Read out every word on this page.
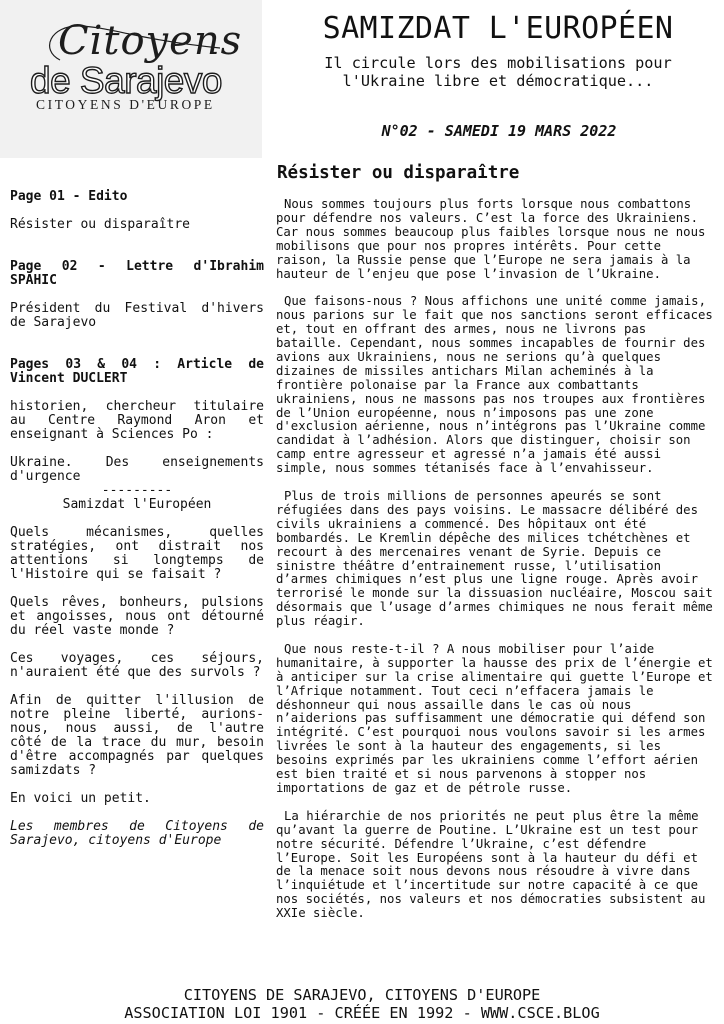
Citoyens
de Sarajevo
CITOYENS D'EUROPE
SAMIZDAT L'EUROPÉEN
Il circule lors des mobilisations pour
l'Ukraine libre et démocratique...
N°02 - SAMEDI 19 MARS 2022

Page 01 - Edito

Résister ou disparaître

Page 02 - Lettre d'Ibrahim SPAHIC

Président du Festival d'hivers de Sarajevo

Pages 03 & 04 : Article de Vincent DUCLERT

historien, chercheur titulaire au Centre Raymond Aron et enseignant à Sciences Po :

Ukraine. Des enseignements d'urgence

---------

Samizdat l'Européen

Quels mécanismes, quelles stratégies, ont distrait nos attentions si longtemps de l'Histoire qui se faisait ?

Quels rêves, bonheurs, pulsions et angoisses, nous ont détourné du réel vaste monde ?

Ces voyages, ces séjours, n'auraient été que des survols ?

Afin de quitter l'illusion de notre pleine liberté, aurions-nous, nous aussi, de l'autre côté de la trace du mur, besoin d'être accompagnés par quelques samizdats ?

En voici un petit.

Les membres de Citoyens de Sarajevo, citoyens d'Europe

Résister ou disparaître

Nous sommes toujours plus forts lorsque nous combattons pour défendre nos valeurs. C’est la force des Ukrainiens. Car nous sommes beaucoup plus faibles lorsque nous ne nous mobilisons que pour nos propres intérêts. Pour cette raison, la Russie pense que l’Europe ne sera jamais à la hauteur de l’enjeu que pose l’invasion de l’Ukraine.

Que faisons-nous ? Nous affichons une unité comme jamais, nous parions sur le fait que nos sanctions seront efficaces et, tout en offrant des armes, nous ne livrons pas bataille. Cependant, nous sommes incapables de fournir des avions aux Ukrainiens, nous ne serions qu’à quelques dizaines de missiles antichars Milan acheminés à la frontière polonaise par la France aux combattants ukrainiens, nous ne massons pas nos troupes aux frontières de l’Union européenne, nous n’imposons pas une zone d'exclusion aérienne, nous n’intégrons pas l’Ukraine comme candidat à l’adhésion. Alors que distinguer, choisir son camp entre agresseur et agressé n’a jamais été aussi simple, nous sommes tétanisés face à l’envahisseur.

Plus de trois millions de personnes apeurés se sont réfugiées dans des pays voisins. Le massacre délibéré des civils ukrainiens a commencé. Des hôpitaux ont été bombardés. Le Kremlin dépêche des milices tchétchènes et recourt à des mercenaires venant de Syrie. Depuis ce sinistre théâtre d’entrainement russe, l’utilisation d’armes chimiques n’est plus une ligne rouge. Après avoir terrorisé le monde sur la dissuasion nucléaire, Moscou sait désormais que l’usage d’armes chimiques ne nous ferait même plus réagir.

Que nous reste-t-il ? A nous mobiliser pour l’aide humanitaire, à supporter la hausse des prix de l’énergie et à anticiper sur la crise alimentaire qui guette l’Europe et l’Afrique notamment. Tout ceci n’effacera jamais le déshonneur qui nous assaille dans le cas où nous n’aiderions pas suffisamment une démocratie qui défend son intégrité. C’est pourquoi nous voulons savoir si les armes livrées le sont à la hauteur des engagements, si les besoins exprimés par les ukrainiens comme l’effort aérien est bien traité et si nous parvenons à stopper nos importations de gaz et de pétrole russe.

La hiérarchie de nos priorités ne peut plus être la même qu’avant la guerre de Poutine. L’Ukraine est un test pour notre sécurité. Défendre l’Ukraine, c’est défendre l’Europe. Soit les Européens sont à la hauteur du défi et de la menace soit nous devons nous résoudre à vivre dans l’inquiétude et l’incertitude sur notre capacité à ce que nos sociétés, nos valeurs et nos démocraties subsistent au XXIe siècle.

CITOYENS DE SARAJEVO, CITOYENS D'EUROPE
ASSOCIATION LOI 1901 - CRÉÉE EN 1992 - WWW.CSCE.BLOG
